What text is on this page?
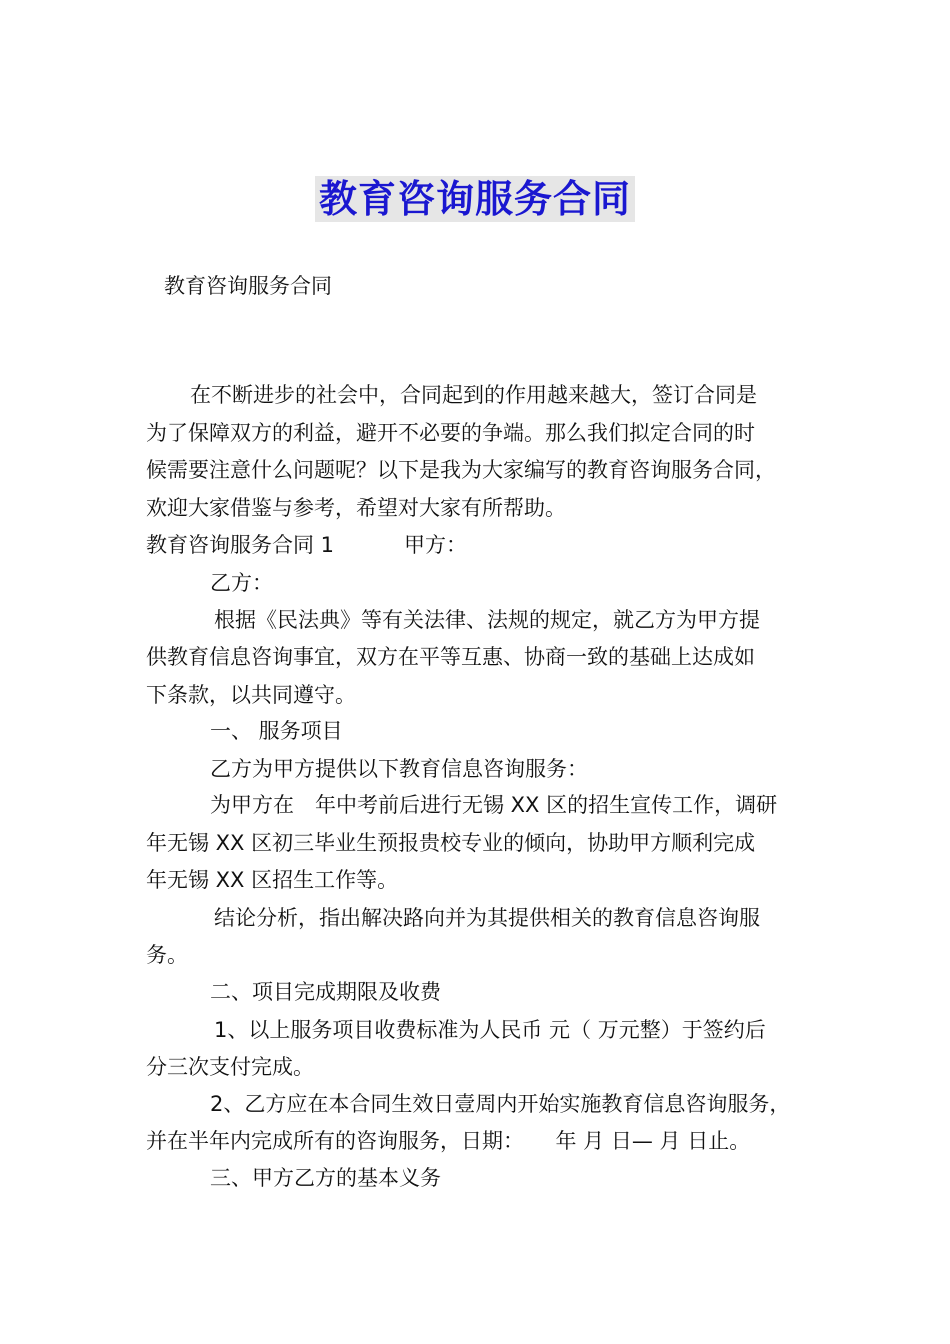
教育咨询服务合同
教育咨询服务合同
在不断进步的社会中，合同起到的作用越来越大，签订合同是
为了保障双方的利益，避开不必要的争端。那么我们拟定合同的时
候需要注意什么问题呢？以下是我为大家编写的教育咨询服务合同，
欢迎大家借鉴与参考，希望对大家有所帮助。
教育咨询服务合同 1	甲方：
乙方：
根据《民法典》等有关法律、法规的规定，就乙方为甲方提
供教育信息咨询事宜，双方在平等互惠、协商一致的基础上达成如
下条款，以共同遵守。
一、 服务项目
乙方为甲方提供以下教育信息咨询服务：
为甲方在　年中考前后进行无锡 XX 区的招生宣传工作，调研
年无锡 XX 区初三毕业生预报贵校专业的倾向，协助甲方顺利完成
年无锡 XX 区招生工作等。
结论分析，指出解决路向并为其提供相关的教育信息咨询服
务。
二、项目完成期限及收费
1、以上服务项目收费标准为人民币 元（ 万元整）于签约后
分三次支付完成。
2、乙方应在本合同生效日壹周内开始实施教育信息咨询服务，
并在半年内完成所有的咨询服务，日期：　　年 月 日— 月 日止。
三、甲方乙方的基本义务
